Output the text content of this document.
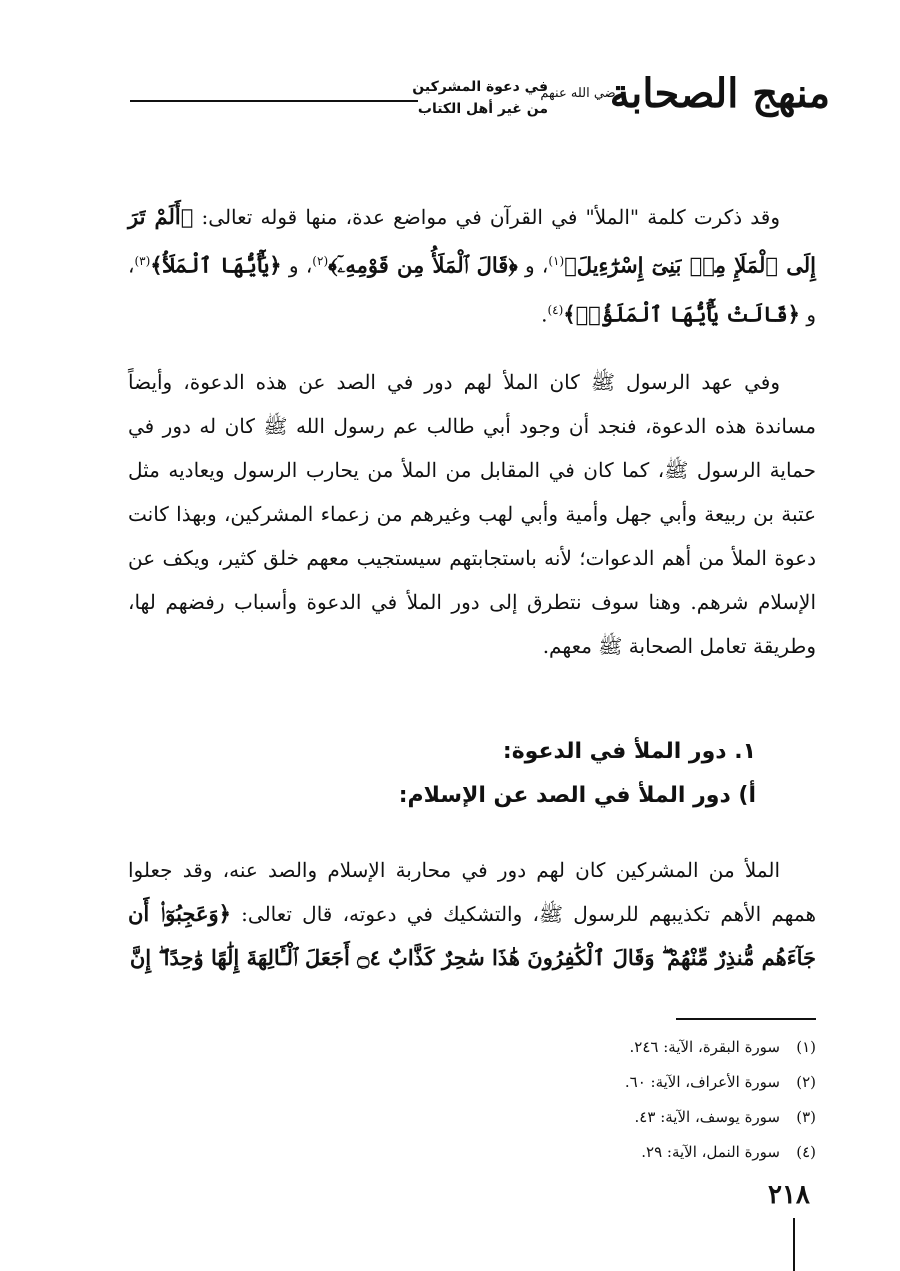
منهج الصحابة
رضي الله عنهم
في دعوة المشركين
من غير أهل الكتاب

وقد ذكرت كلمة "الملأ" في القرآن في مواضع عدة، منها قوله تعالى: ﴿أَلَمْ تَرَ إِلَى ٱلْمَلَإِ مِنۢ بَنِىٓ إِسْرَٰٓءِيلَ﴾$^{(١)}$، و ﴿قَالَ ٱلْمَلَأُ مِن قَوْمِهِۦٓ﴾$^{(٢)}$، و ﴿يَٰٓأَيُّهَا ٱلْمَلَأُ﴾$^{(٣)}$، و ﴿قَالَتْ يَٰٓأَيُّهَا ٱلْمَلَؤُا۟﴾$^{(٤)}$.

وفي عهد الرسول ﷺ كان الملأ لهم دور في الصد عن هذه الدعوة، وأيضاً مساندة هذه الدعوة، فنجد أن وجود أبي طالب عم رسول الله ﷺ كان له دور في حماية الرسول ﷺ، كما كان في المقابل من الملأ من يحارب الرسول ويعاديه مثل عتبة بن ربيعة وأبي جهل وأمية وأبي لهب وغيرهم من زعماء المشركين، وبهذا كانت دعوة الملأ من أهم الدعوات؛ لأنه باستجابتهم سيستجيب معهم خلق كثير، ويكف عن الإسلام شرهم. وهنا سوف نتطرق إلى دور الملأ في الدعوة وأسباب رفضهم لها، وطريقة تعامل الصحابة ﷺ معهم.

١. دور الملأ في الدعوة:

أ) دور الملأ في الصد عن الإسلام:

الملأ من المشركين كان لهم دور في محاربة الإسلام والصد عنه، وقد جعلوا همهم الأهم تكذيبهم للرسول ﷺ، والتشكيك في دعوته، قال تعالى: ﴿وَعَجِبُوٓا۟ أَن جَآءَهُم مُّنذِرٌ مِّنْهُمْ ۖ وَقَالَ ٱلْكَٰفِرُونَ هَٰذَا سَٰحِرٌ كَذَّابٌ ۝٤ أَجَعَلَ ٱلْـَٔالِهَةَ إِلَٰهًا وَٰحِدًا ۖ إِنَّ

(١)
سورة البقرة، الآية: ٢٤٦.
(٢)
سورة الأعراف، الآية: ٦٠.
(٣)
سورة يوسف، الآية: ٤٣.
(٤)
سورة النمل، الآية: ٢٩.
٢١٨
